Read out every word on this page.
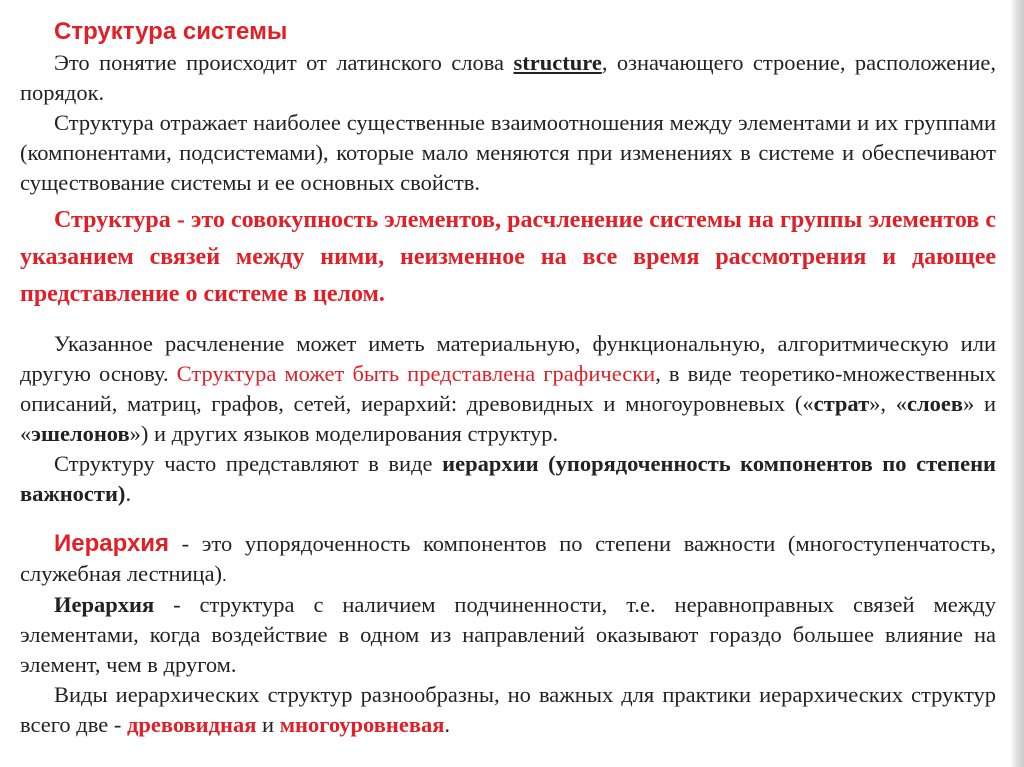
Структура системы

Это понятие происходит от латинского слова structure, означающего строение, расположение, порядок.

Структура отражает наиболее существенные взаимоотношения между элементами и их группами (компонентами, подсистемами), которые мало меняются при изменениях в системе и обеспечивают существование системы и ее основных свойств.

Структура - это совокупность элементов, расчленение системы на группы элементов с указанием связей между ними, неизменное на все время рассмотрения и дающее представление о системе в целом.

Указанное расчленение может иметь материальную, функциональную, алгоритмическую или другую основу. Структура может быть представлена графически, в виде теоретико-множественных описаний, матриц, графов, сетей, иерархий: древовидных и многоуровневых («страт», «слоев» и «эшелонов») и других языков моделирования структур.

Структуру часто представляют в виде иерархии (упорядоченность компонентов по степени важности).

Иерархия - это упорядоченность компонентов по степени важности (многоступенчатость, служебная лестница).

Иерархия - структура с наличием подчиненности, т.е. неравноправных связей между элементами, когда воздействие в одном из направлений оказывают гораздо большее влияние на элемент, чем в другом.

Виды иерархических структур разнообразны, но важных для практики иерархических структур всего две - древовидная и многоуровневая.
